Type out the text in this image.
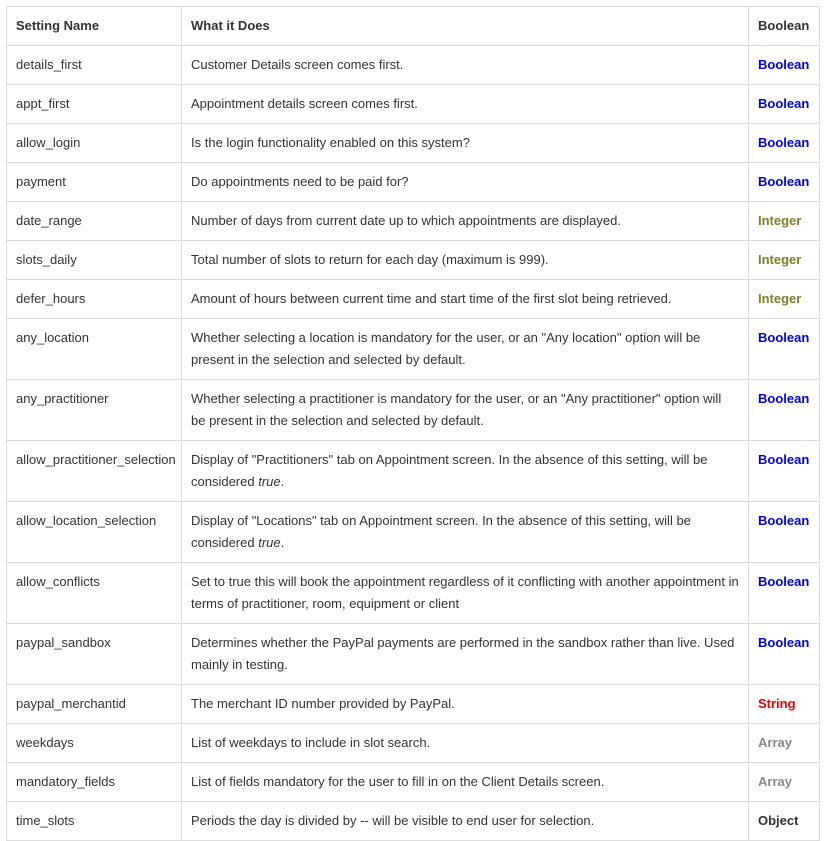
Setting Name	What it Does	Boolean
details_first	Customer Details screen comes first.	Boolean
appt_first	Appointment details screen comes first.	Boolean
allow_login	Is the login functionality enabled on this system?	Boolean
payment	Do appointments need to be paid for?	Boolean
date_range	Number of days from current date up to which appointments are displayed.	Integer
slots_daily	Total number of slots to return for each day (maximum is 999).	Integer
defer_hours	Amount of hours between current time and start time of the first slot being retrieved.	Integer
any_location	Whether selecting a location is mandatory for the user, or an "Any location" option will be present in the selection and selected by default.	Boolean
any_practitioner	Whether selecting a practitioner is mandatory for the user, or an "Any practitioner" option will be present in the selection and selected by default.	Boolean
allow_practitioner_selection	Display of "Practitioners" tab on Appointment screen. In the absence of this setting, will be considered true.	Boolean
allow_location_selection	Display of "Locations" tab on Appointment screen. In the absence of this setting, will be considered true.	Boolean
allow_conflicts	Set to true this will book the appointment regardless of it conflicting with another appointment in terms of practitioner, room, equipment or client	Boolean
paypal_sandbox	Determines whether the PayPal payments are performed in the sandbox rather than live. Used mainly in testing.	Boolean
paypal_merchantid	The merchant ID number provided by PayPal.	String
weekdays	List of weekdays to include in slot search.	Array
mandatory_fields	List of fields mandatory for the user to fill in on the Client Details screen.	Array
time_slots	Periods the day is divided by -- will be visible to end user for selection.	Object
